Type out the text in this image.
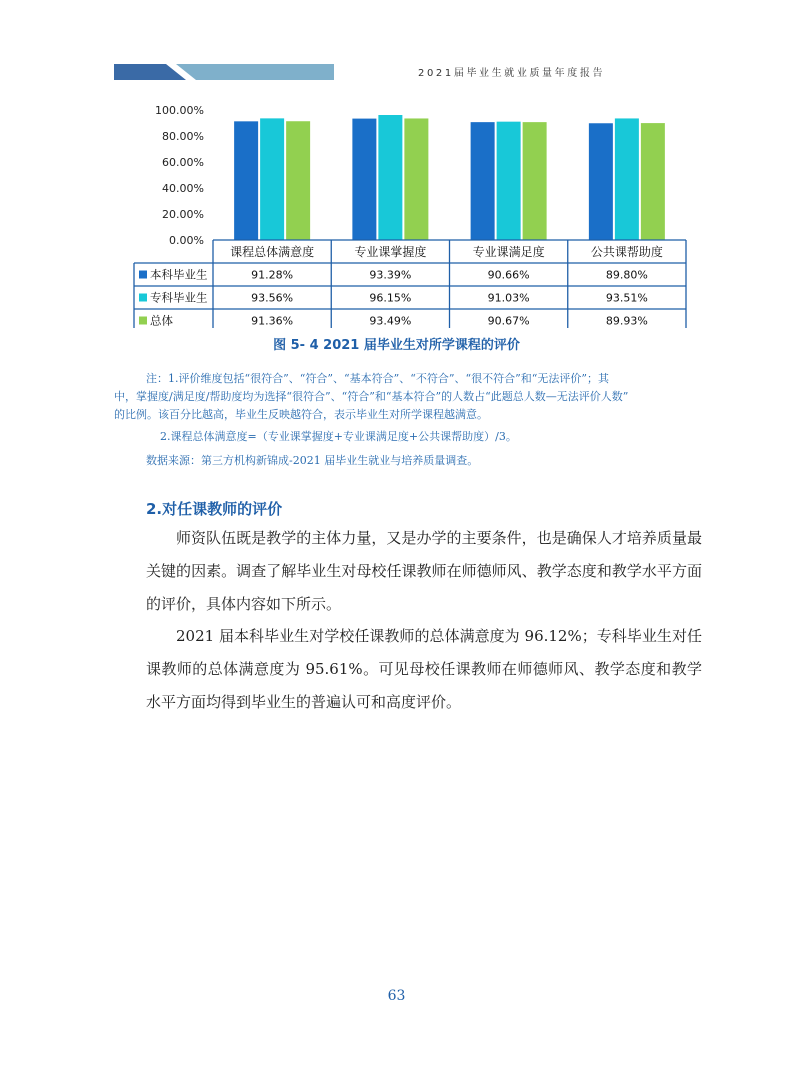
2021届毕业生就业质量年度报告
0.00%
20.00%
40.00%
60.00%
80.00%
100.00%
课程总体满意度	专业课掌握度	专业课满足度	公共课帮助度
本科毕业生	91.28%	93.39%	90.66%	89.80%
专科毕业生	93.56%	96.15%	91.03%	93.51%
总体	91.36%	93.49%	90.67%	89.93%
图 5- 4 2021 届毕业生对所学课程的评价
注：1.评价维度包括“很符合”、“符合”、“基本符合”、“不符合”、“很不符合”和“无法评价”；其
中，掌握度/满足度/帮助度均为选择“很符合”、“符合”和“基本符合”的人数占“此题总人数—无法评价人数”
的比例。该百分比越高，毕业生反映越符合，表示毕业生对所学课程越满意。
2.课程总体满意度=（专业课掌握度+专业课满足度+公共课帮助度）/3。
数据来源：第三方机构新锦成-2021 届毕业生就业与培养质量调查。
2.对任课教师的评价

师资队伍既是教学的主体力量，又是办学的主要条件，也是确保人才培养质量最关键的因素。调查了解毕业生对母校任课教师在师德师风、教学态度和教学水平方面的评价，具体内容如下所示。

2021 届本科毕业生对学校任课教师的总体满意度为 96.12%；专科毕业生对任课教师的总体满意度为 95.61%。可见母校任课教师在师德师风、教学态度和教学水平方面均得到毕业生的普遍认可和高度评价。

63
